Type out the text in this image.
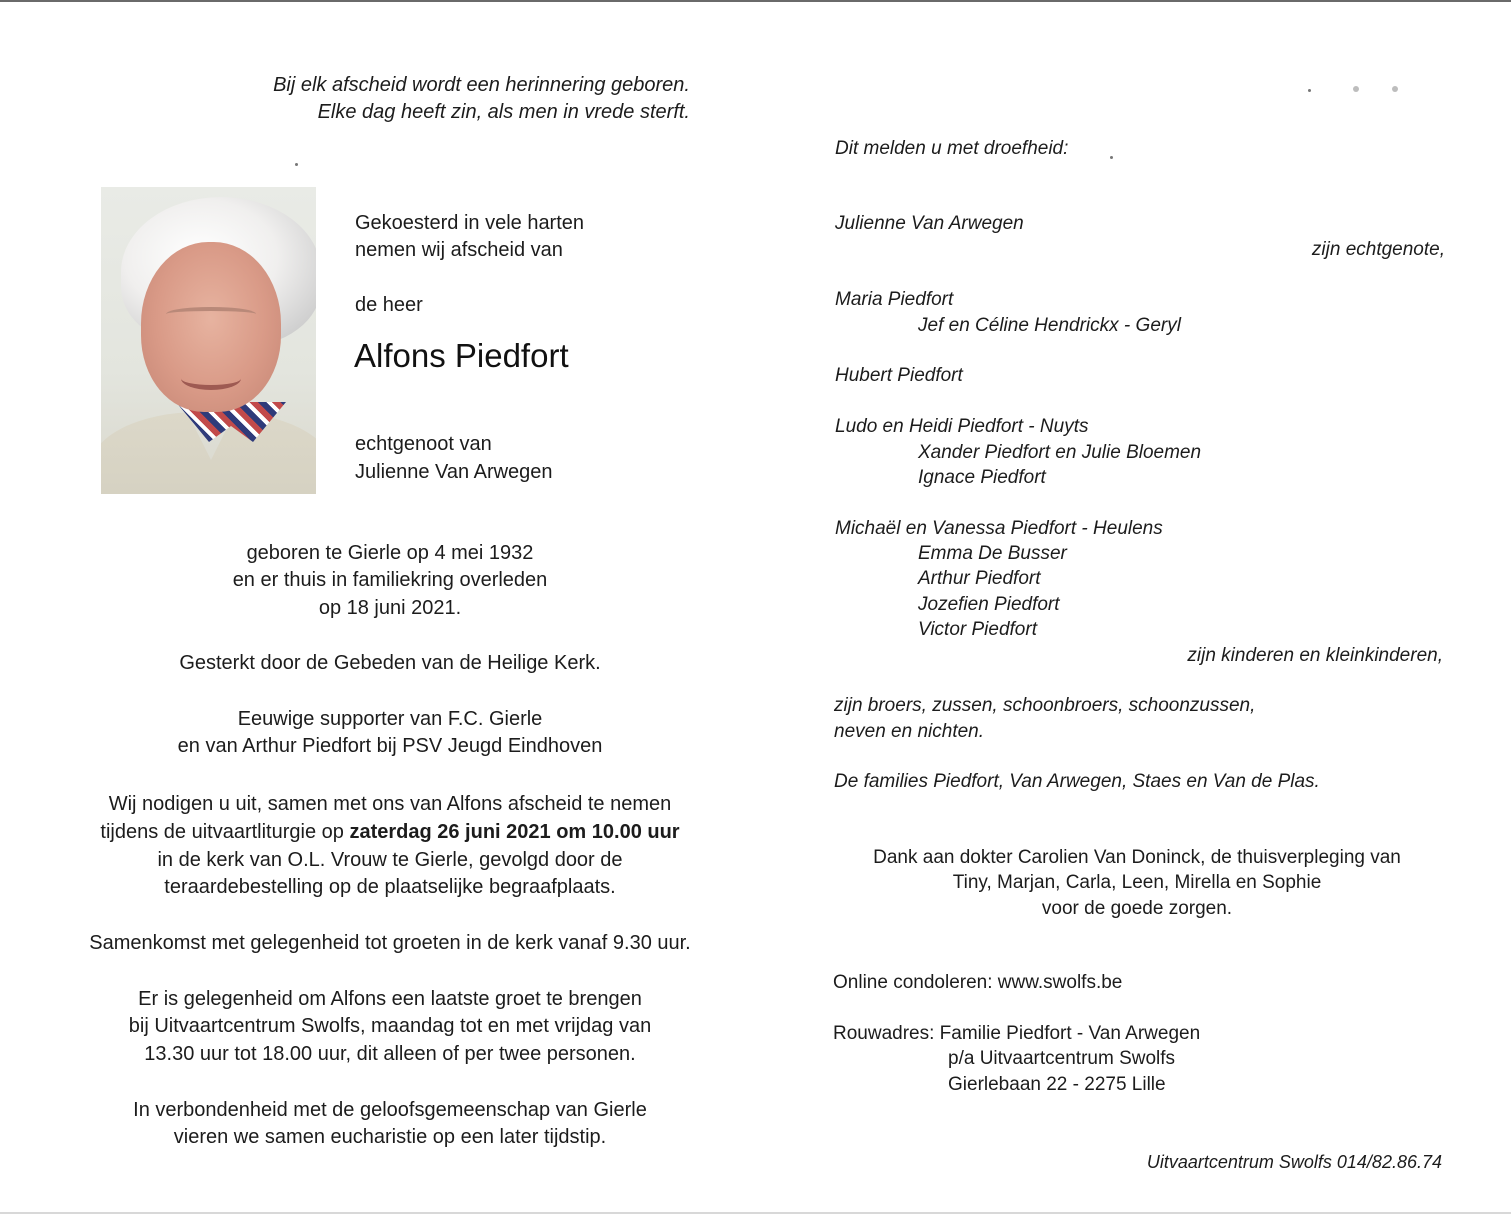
Bij elk afscheid wordt een herinnering geboren.
Elke dag heeft zin, als men in vrede sterft.
Gekoesterd in vele harten
nemen wij afscheid van
de heer
Alfons Piedfort
echtgenoot van
Julienne Van Arwegen
geboren te Gierle op 4 mei 1932
en er thuis in familiekring overleden
op 18 juni 2021.
Gesterkt door de Gebeden van de Heilige Kerk.
Eeuwige supporter van F.C. Gierle
en van Arthur Piedfort bij PSV Jeugd Eindhoven
Wij nodigen u uit, samen met ons van Alfons afscheid te nemen
tijdens de uitvaartliturgie op zaterdag 26 juni 2021 om 10.00 uur
in de kerk van O.L. Vrouw te Gierle, gevolgd door de
teraardebestelling op de plaatselijke begraafplaats.
Samenkomst met gelegenheid tot groeten in de kerk vanaf 9.30 uur.
Er is gelegenheid om Alfons een laatste groet te brengen
bij Uitvaartcentrum Swolfs, maandag tot en met vrijdag van
13.30 uur tot 18.00 uur, dit alleen of per twee personen.
In verbondenheid met de geloofsgemeenschap van Gierle
vieren we samen eucharistie op een later tijdstip.
Dit melden u met droefheid:
Julienne Van Arwegen
zijn echtgenote,
Maria Piedfort
Jef en Céline Hendrickx - Geryl
Hubert Piedfort
Ludo en Heidi Piedfort - Nuyts
Xander Piedfort en Julie Bloemen
Ignace Piedfort
Michaël en Vanessa Piedfort - Heulens
Emma De Busser
Arthur Piedfort
Jozefien Piedfort
Victor Piedfort
zijn kinderen en kleinkinderen,
zijn broers, zussen, schoonbroers, schoonzussen,
neven en nichten.
De families Piedfort, Van Arwegen, Staes en Van de Plas.
Dank aan dokter Carolien Van Doninck, de thuisverpleging van
Tiny, Marjan, Carla, Leen, Mirella en Sophie
voor de goede zorgen.
Online condoleren: www.swolfs.be
Rouwadres: Familie Piedfort - Van Arwegen
p/a Uitvaartcentrum Swolfs
Gierlebaan 22 - 2275 Lille
Uitvaartcentrum Swolfs 014/82.86.74
